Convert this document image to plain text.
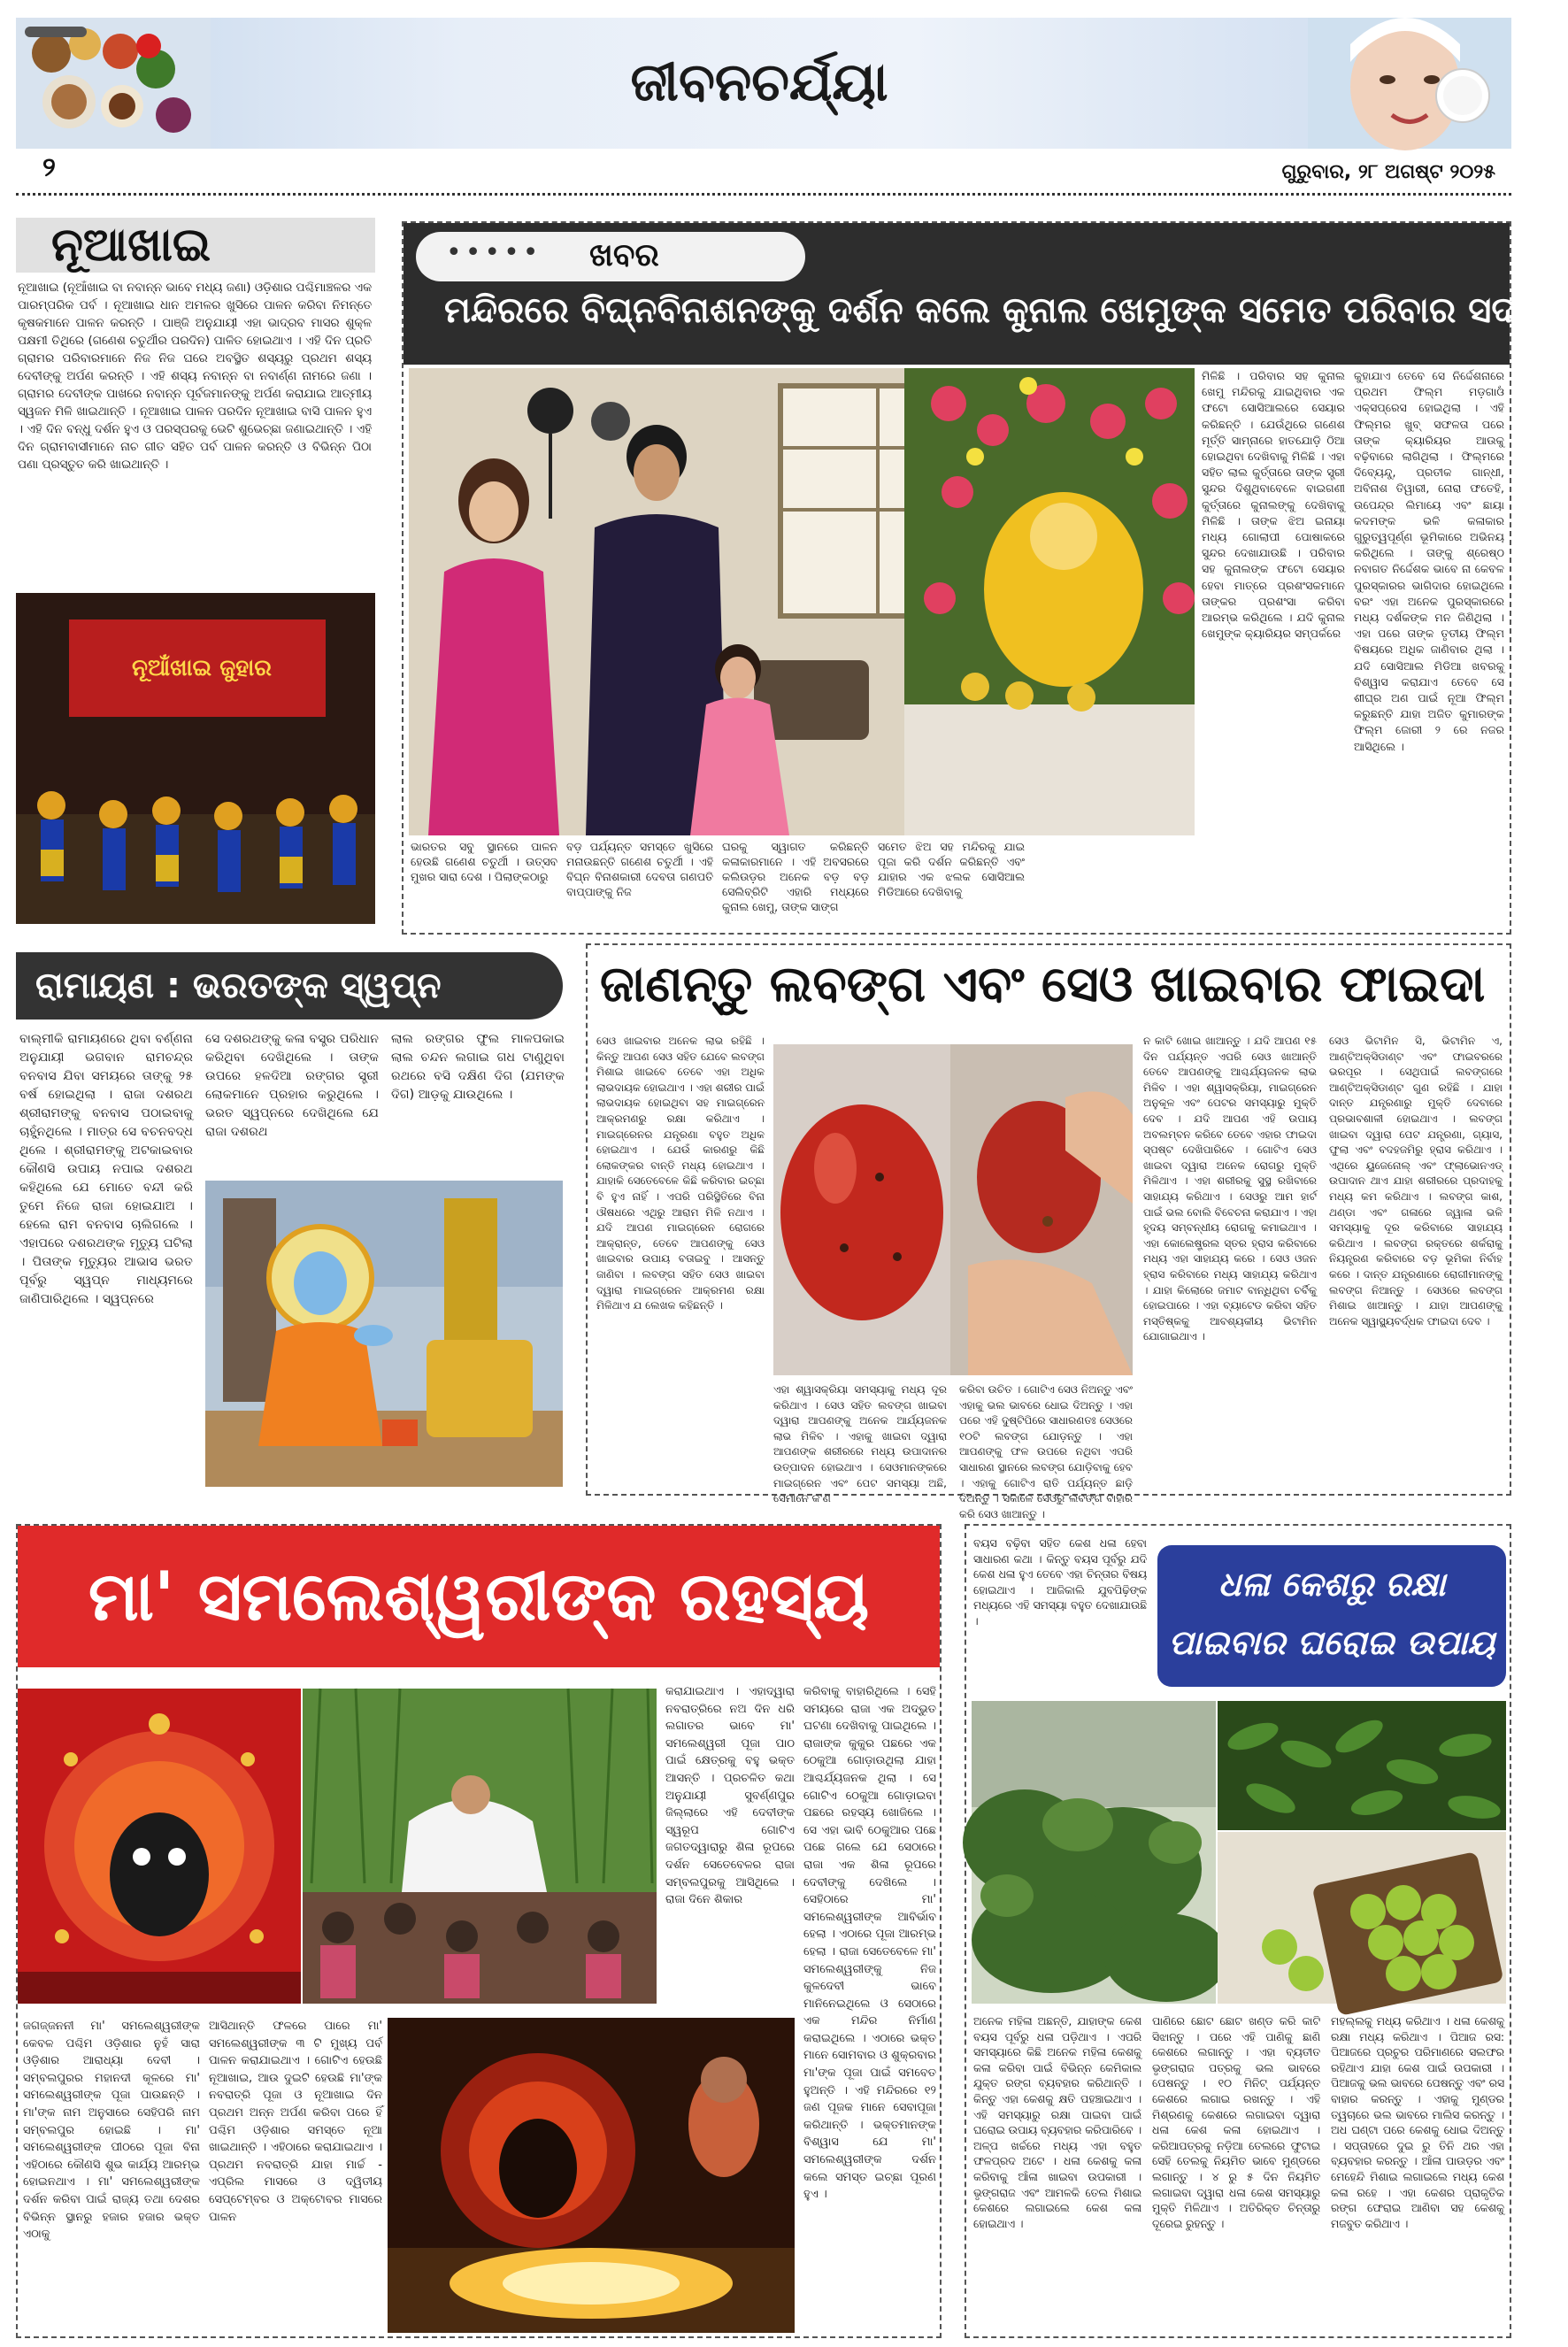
ଜୀବନଚର୍ଯ୍ୟା
୨	ଗୁରୁବାର, ୨୮ ଅଗଷ୍ଟ ୨୦୨୫
ନୂଆଖାଇ
ନୂଆଖାଇ (ନୂଆଁଖାଇ ବା ନବାନ୍ନ ଭାବେ ମଧ୍ୟ ଜଣା) ଓଡ଼ିଶାର ପଶ୍ଚିମାଞ୍ଚଳର ଏକ ପାରମ୍ପରିକ ପର୍ବ । ନୂଆଖାଇ ଧାନ ଅମଳର ଖୁସିରେ ପାଳନ କରିବା ନିମନ୍ତେ କୃଷକମାନେ ପାଳନ କରନ୍ତି । ପାଞ୍ଜି ଅନୁଯାୟୀ ଏହା ଭାଦ୍ରବ ମାସର ଶୁକ୍ଳ ପକ୍ଷମୀ ତିଥିରେ (ଗଣେଶ ଚତୁର୍ଥୀର ପରଦିନ) ପାଳିତ ହୋଇଥାଏ । ଏହି ଦିନ ପ୍ରତି ଗ୍ରାମର ପରିବାରମାନେ ନିଜ ନିଜ ଘରେ ଅବସ୍ଥିତ ଶସ୍ୟରୁ ପ୍ରଥମ ଶସ୍ୟ ଦେବୀଙ୍କୁ ଅର୍ପଣ କରନ୍ତି । ଏହି ଶସ୍ୟ ନବାନ୍ନ ବା ନବାର୍ଣ୍ଣ ନାମରେ ଜଣା । ଗ୍ରାମର ଦେବୀଙ୍କ ପାଖରେ ନବାନ୍ନ ପୂର୍ବଜମାନଙ୍କୁ ଅର୍ପଣ କରାଯାଇ ଆତ୍ମୀୟ ସ୍ୱଜନ ମିଳି ଖାଇଥାନ୍ତି । ନୂଆଖାଇ ପାଳନ ପରଦିନ ନୂଆଖାଇ ବାସି ପାଳନ ହୁଏ । ଏହି ଦିନ ବନ୍ଧୁ ଦର୍ଶନ ହୁଏ ଓ ପରସ୍ପରକୁ ଭେଟି ଶୁଭେଚ୍ଛା ଜଣାଇଥାନ୍ତି । ଏହି ଦିନ ଗ୍ରାମବାସୀମାନେ ନାଚ ଗୀତ ସହିତ ପର୍ବ ପାଳନ କରନ୍ତି ଓ ବିଭିନ୍ନ ପିଠା ପଣା ପ୍ରସ୍ତୁତ କରି ଖାଇଥାନ୍ତି ।
ନୂଆଁଖାଇ ଜୁହାର
••••• ଖବର
ମନ୍ଦିରରେ ବିଘ୍ନବିନାଶନଙ୍କୁ ଦର୍ଶନ କଲେ କୁନାଲ ଖେମୁଙ୍କ ସମେତ ପରିବାର ସଦସ୍ୟ
ଭାରତର ସବୁ ସ୍ଥାନରେ ପାଳନ ହେଉଛି ଗଣେଶ ଚତୁର୍ଥୀ । ଉତ୍ସବ ମୁଖର ସାରା ଦେଶ । ପିଲାଙ୍କଠାରୁ
ବଡ଼ ପର୍ଯ୍ୟନ୍ତ ସମସ୍ତେ ଖୁସିରେ ମନାଉଛନ୍ତି ଗଣେଶ ଚତୁର୍ଥୀ । ଏହି ବିଘ୍ନ ବିନାଶକାରୀ ଦେବତା ଗଣପତି ବାପ୍ପାଙ୍କୁ ନିଜ
ଘରକୁ ସ୍ୱାଗତ କରିଛନ୍ତି କଳାକାରମାନେ । ଏହି ଅବସରରେ କଲିଉଡ଼ର ଅନେକ ବଡ଼ ବଡ଼ ସେଲିବ୍ରିଟି ଏହାରି ମଧ୍ୟରେ କୁନାଲ ଖେମୁ, ତାଙ୍କ ସାଙ୍ଗ
ସମେତ ଝିଅ ସହ ମନ୍ଦିରକୁ ଯାଇ ପୂଜା କରି ଦର୍ଶନ କରିଛନ୍ତି ଏବଂ ଯାହାର ଏକ ଝଲକ ସୋସିଆଲ ମିଡିଆରେ ଦେଖିବାକୁ
ମିଳିଛି । ପରିବାର ସହ କୁନାଲ ଖେମୁ ମନ୍ଦିରକୁ ଯାଇଥିବାର ଏକ ଫଟୋ ସୋସିଆଲରେ ସେୟାର କରିଛନ୍ତି । ଯେଉଁଥିରେ ଗଣେଶ ମୂର୍ତ୍ତି ସାମ୍ନାରେ ହାତଯୋଡ଼ି ଠିଆ ହୋଇଥିବା ଦେଖିବାକୁ ମିଳିଛି । ଏହା ସହିତ ଲାଲ କୁର୍ତ୍ତାରେ ତାଙ୍କ ସ୍ତ୍ରୀ ସୁନ୍ଦର ଦିଶୁଥିବାବେଳେ ବାଇଗଣୀ କୁର୍ତ୍ତାରେ କୁନାଲଙ୍କୁ ଦେଖିବାକୁ ମିଳିଛି । ତାଙ୍କ ଝିଅ ଇନାୟା ମଧ୍ୟ ଗୋଲାପୀ ପୋଷାକରେ ସୁନ୍ଦର ଦେଖାଯାଉଛି । ପରିବାର ସହ କୁନାଲଙ୍କ ଫଟୋ ସେୟାର ହେବା ମାତ୍ରେ ପ୍ରଶଂସକମାନେ ତାଙ୍କର ପ୍ରଶଂସା କରିବା ଆରମ୍ଭ କରିଥିଲେ । ଯଦି କୁନାଲ ଖେମୁଙ୍କ କ୍ୟାରିୟର ସମ୍ପର୍କରେ
କୁହାଯାଏ ତେବେ ସେ ନିର୍ଦ୍ଦେଶନାରେ ପ୍ରଥମ ଫିଲ୍ମ ମଡ଼ଗାଓଁ ଏକ୍ସପ୍ରେସ ହୋଇଥିଲା । ଏହି ଫିଲ୍ମର ଖୁବ୍ ସଫଳତା ପରେ ତାଙ୍କ କ୍ୟାରିୟର ଆଉକୁ ବଢ଼ିବାରେ ଲାଗିଥିଲା । ଫିଲ୍ମରେ ଦିବ୍ୟେନ୍ଦୁ, ପ୍ରତୀକ ଗାନ୍ଧୀ, ଅବିନାଶ ତିୱାରୀ, ନୋରା ଫତେହି, ଉପେନ୍ଦ୍ର ଲିମାୟେ ଏବଂ ଛାୟା କଦମଙ୍କ ଭଳି କଳାକାର ଗୁରୁତ୍ୱପୂର୍ଣ୍ଣ ଭୂମିକାରେ ଅଭିନୟ କରିଥିଲେ । ତାଙ୍କୁ ଶ୍ରେଷ୍ଠ ନବାଗତ ନିର୍ଦ୍ଦେଶକ ଭାବେ ନା କେବଳ ପୁରସ୍କାରର ଭାଗିଦାର ହୋଇଥିଲେ ବରଂ ଏହା ଅନେକ ପୁରସ୍କାରରେ ମଧ୍ୟ ଦର୍ଶକଙ୍କ ମନ ଜିଣିଥିଲା । ଏହା ପରେ ତାଙ୍କ ତୃତୀୟ ଫିଲ୍ମ ବିଷୟରେ ଅଧିକ ଜାଣିବାର ଥିଲା । ଯଦି ସୋସିଆଲ ମିଡିଆ ଖବରକୁ ବିଶ୍ୱାସ କରାଯାଏ ତେବେ ସେ ଶୀଘ୍ର ଅଣ ପାଇଁ ନୂଆ ଫିଲ୍ମ କରୁଛନ୍ତି ଯାହା ଅଜିତ କୁମାରଙ୍କ ଫିଲ୍ମ ଜୋରୀ ୨ ରେ ନଜର ଆସିଥିଲେ ।
ରାମାୟଣ : ଭରତଙ୍କ ସ୍ୱପ୍ନ
ବାଲ୍ମୀକି ରାମାୟଣରେ ଥିବା ବର୍ଣ୍ଣନା ଅନୁଯାୟୀ ଭଗବାନ ରାମଚନ୍ଦ୍ର ବନବାସ ଯିବା ସମୟରେ ତାଙ୍କୁ ୨୫ ବର୍ଷ ହୋଇଥିଲା । ରାଜା ଦଶରଥ ଶ୍ରୀରାମଙ୍କୁ ବନବାସ ପଠାଇବାକୁ ଚାହୁଁନଥିଲେ । ମାତ୍ର ସେ ବଚନବଦ୍ଧ ଥିଲେ । ଶ୍ରୀରାମଙ୍କୁ ଅଟକାଇବାର କୌଣସି ଉପାୟ ନପାଇ ଦଶରଥ କହିଥିଲେ ଯେ ମୋତେ ବନ୍ଦୀ କରି ତୁମେ ନିଜେ ରାଜା ହୋଇଯାଅ । ହେଲେ ରାମ ବନବାସ ଚାଲିଗଲେ । ଏହାପରେ ଦଶରଥଙ୍କ ମୃତ୍ୟୁ ଘଟିଲା । ପିତାଙ୍କ ମୃତ୍ୟୁର ଆଭାସ ଭରତ ପୂର୍ବରୁ ସ୍ୱପ୍ନ ମାଧ୍ୟମରେ ଜାଣିପାରିଥିଲେ । ସ୍ୱପ୍ନରେ
ସେ ଦଶରଥଙ୍କୁ କଳା ବସ୍ତ୍ର ପରିଧାନ କରିଥିବା ଦେଖିଥିଲେ । ତାଙ୍କ ଉପରେ ହଳଦିଆ ରଙ୍ଗର ସ୍ତ୍ରୀ ଲୋକମାନେ ପ୍ରହାର କରୁଥିଲେ । ଭରତ ସ୍ୱପ୍ନରେ ଦେଖିଥିଲେ ଯେ ରାଜା ଦଶରଥ
ଲାଲ ରଙ୍ଗର ଫୁଲ ମାଳପକାଇ ଲାଲ ଚନ୍ଦନ ଲଗାଇ ଗଧ ଟାଣୁଥିବା ରଥରେ ବସି ଦକ୍ଷିଣ ଦିଗ (ଯମଙ୍କ ଦିଗ) ଆଡ଼କୁ ଯାଉଥିଲେ ।
ଜାଣନ୍ତୁ ଲବଙ୍ଗ ଏବଂ ସେଓ ଖାଇବାର ଫାଇଦା
ସେଓ ଖାଇବାର ଅନେକ ଲାଭ ରହିଛି । କିନ୍ତୁ ଆପଣ ସେଓ ସହିତ ଯେବେ ଲବଙ୍ଗ ମିଶାଇ ଖାଇବେ ତେବେ ଏହା ଅଧିକ ଲାଭଦାୟକ ହୋଇଥାଏ । ଏହା ଶରୀର ପାଇଁ ଲାଭଦାୟକ ହୋଇଥିବା ସହ ମାଇଗ୍ରେନ ଆକ୍ରମଣରୁ ରକ୍ଷା କରିଥାଏ । ମାଇଗ୍ରେନର ଯନ୍ତ୍ରଣା ବହୁତ ଅଧିକ ହୋଇଥାଏ । ଯେଉଁ କାରଣରୁ କିଛି ଲୋକଙ୍କର ବାନ୍ତି ମଧ୍ୟ ହୋଇଥାଏ । ଯାହାକି ସେତେବେଳେ କିଛି କରିବାର ଇଚ୍ଛା ବି ହୁଏ ନାହିଁ । ଏପରି ପରିସ୍ଥିତିରେ ବିନା ଔଷଧରେ ଏଥିରୁ ଆରାମ ମିଳି ନଥାଏ । ଯଦି ଆପଣ ମାଇଗ୍ରେନ ରୋଗରେ ଆକ୍ରାନ୍ତ, ତେବେ ଆପଣଙ୍କୁ ସେଓ ଖାଇବାର ଉପାୟ ବତାଇବୁ । ଆସନ୍ତୁ ଜାଣିବା । ଲବଙ୍ଗ ସହିତ ସେଓ ଖାଇବା ଦ୍ୱାରା ମାଇଗ୍ରେନ ଆକ୍ରମଣ ରକ୍ଷା ମିଳିଥାଏ ଯ ଲେଖକ କହିଛନ୍ତି ।
ଏହା ଶ୍ୱାସକ୍ରିୟା ସମସ୍ୟାକୁ ମଧ୍ୟ ଦୂର କରିଥାଏ । ସେଓ ସହିତ ଲବଙ୍ଗ ଖାଇବା ଦ୍ୱାରା ଆପଣଙ୍କୁ ଅନେକ ଆର୍ଯ୍ୟଜନକ ଲାଭ ମିଳିବ । ଏହାକୁ ଖାଇବା ଦ୍ୱାରା ଆପଣଙ୍କ ଶରୀରରେ ମଧ୍ୟ ଉପାଦାନର ଉତ୍ପାଦନ ହୋଇଥାଏ । ସେଓମାନଙ୍କରେ ମାଇଗ୍ରେନ ଏବଂ ପେଟ ସମସ୍ୟା ଅଛି, ସେମାନେ କ'ଣ
କରିବା ଉଚିତ । ଗୋଟିଏ ସେଓ ନିଅନ୍ତୁ ଏବଂ ଏହାକୁ ଭଲ ଭାବରେ ଧୋଇ ଦିଅନ୍ତୁ । ଏହା ପରେ ଏହି ଦୁଷ୍ଟିପିରେ ସାଧାରଣତଃ ସେଓରେ ୧୦ଟି ଲବଙ୍ଗ ଯୋଡ଼ନ୍ତୁ । ଏହା ଆପଣଙ୍କୁ ଫଳ ଉପରେ ନଥିବା ଏପରି ସାଧାରଣ ସ୍ଥାନରେ ଲବଙ୍ଗ ଯୋଡ଼ିବାକୁ ହେବ । ଏହାକୁ ଗୋଟିଏ ରାତି ପର୍ଯ୍ୟନ୍ତ ଛାଡ଼ି ଦିଅନ୍ତୁ । ସକାଳେ ସେଓରୁ ଲବଙ୍ଗ ବାହାର କରି ସେଓ ଖାଆନ୍ତୁ ।
ନ କାଟି ଖୋଇ ଖାଆନ୍ତୁ । ଯଦି ଆପଣ ୧୫ ଦିନ ପର୍ଯ୍ୟନ୍ତ ଏପରି ସେଓ ଖାଆନ୍ତି ତେବେ ଆପଣଙ୍କୁ ଆଶ୍ଚର୍ଯ୍ୟଜନକ ଲାଭ ମିଳିବ । ଏହା ଶ୍ୱାସକ୍ରିୟା, ମାଇଗ୍ରେନ ଅନୁକୂଳ ଏବଂ ପେଟର ସମସ୍ୟାରୁ ମୁକ୍ତି ଦେବ । ଯଦି ଆପଣ ଏହି ଉପାୟ ଅବଲମ୍ବନ କରିବେ ତେବେ ଏହାର ଫାଇଦା ସ୍ପଷ୍ଟ ଦେଖିପାରିବେ । ଗୋଟିଏ ସେଓ ଖାଇବା ଦ୍ୱାରା ଅନେକ ରୋଗରୁ ମୁକ୍ତି ମିଳିଥାଏ । ଏହା ଶରୀରକୁ ସୁସ୍ଥ ରଖିବାରେ ସାହାଯ୍ୟ କରିଥାଏ । ସେଓରୁ ଆମ ହାର୍ଟ ପାଇଁ ଭଲ ବୋଲି ବିବେଚନା କରାଯାଏ । ଏହା ହୃଦୟ ସମ୍ବନ୍ଧୀୟ ରୋଗକୁ କମାଇଥାଏ । ଏହା କୋଲେଷ୍ଟ୍ରଲ ସ୍ତର ହ୍ରାସ କରିବାରେ ମଧ୍ୟ ଏହା ସାହାଯ୍ୟ କରେ । ସେଓ ଓଜନ ହ୍ରାସ କରିବାରେ ମଧ୍ୟ ସାହାଯ୍ୟ କରିଥାଏ । ଯାହା କିଲୋରେ ଜମାଟ ବାନ୍ଧିଥିବା ଚର୍ବିକୁ ହୋଇପାରେ । ଏହା ବ୍ୟାଟେଡ କରିବା ସହିତ ମସ୍ତିଷ୍କକୁ ଆବଶ୍ୟକୀୟ ଭିଟାମିନ ଯୋଗାଇଥାଏ ।
ସେଓ ଭିଟାମିନ ସି, ଭିଟାମିନ ଏ, ଆଣ୍ଟିଅକ୍ସିଡାଣ୍ଟ ଏବଂ ଫାଇବରରେ ଭରପୂର । ସେଥିପାଇଁ ଲବଙ୍ଗରେ ଆଣ୍ଟିଅକ୍ସିଡାଣ୍ଟ ଗୁଣ ରହିଛି । ଯାହା ଦାନ୍ତ ଯନ୍ତ୍ରଣାରୁ ମୁକ୍ତି ଦେବାରେ ପ୍ରଭାବଶାଳୀ ହୋଇଥାଏ । ଲବଙ୍ଗ ଖାଇବା ଦ୍ୱାରା ପେଟ ଯନ୍ତ୍ରଣା, ଗ୍ୟାସ, ଫୁଲା ଏବଂ ବଦହଜମିରୁ ହ୍ରାସ କରିଥାଏ । ଏଥିରେ ୟୁଜେନୋଲ୍ ଏବଂ ଫ୍ଲାଭୋନଏଡ୍ ଉପାଦାନ ଥାଏ ଯାହା ଶରୀରରେ ପ୍ରଦାହକୁ ମଧ୍ୟ କମ କରିଥାଏ । ଲବଙ୍ଗ କାଶ, ଥଣ୍ଡା ଏବଂ ଗଳାରେ ଜ୍ୱାଳା ଭଳି ସମସ୍ୟାକୁ ଦୂର କରିବାରେ ସାହାଯ୍ୟ କରିଥାଏ । ଲବଙ୍ଗ ରକ୍ତରେ ଶର୍କରାକୁ ନିୟନ୍ତ୍ରଣ କରିବାରେ ବଡ଼ ଭୂମିକା ନିର୍ବାହ କରେ । ଦାନ୍ତ ଯନ୍ତ୍ରଣାରେ ରୋଗୀମାନଙ୍କୁ ଲବଙ୍ଗ ନିଆନ୍ତୁ । ସେଓରେ ଲବଙ୍ଗ ମିଶାଇ ଖାଆନ୍ତୁ । ଯାହା ଆପଣଙ୍କୁ ଅନେକ ସ୍ୱାସ୍ଥ୍ୟବର୍ଦ୍ଧକ ଫାଇଦା ଦେବ ।
ମା' ସମଲେଶ୍ୱରୀଙ୍କ ରହସ୍ୟ
କରାଯାଇଥାଏ । ଏହାଦ୍ୱାରା ନବରାତ୍ରିରେ ନଅ ଦିନ ଧରି ଲଗାତର ଭାବେ ମା' ସମଲେଶ୍ୱରୀ ପୂଜା ପାଠ ପାଇଁ କ୍ଷେତ୍ରକୁ ବହୁ ଭକ୍ତ ଆସନ୍ତି । ପ୍ରଚଳିତ କଥା ଅନୁଯାୟୀ ସୁବର୍ଣ୍ଣପୁର ଜିଲ୍ଲାରେ ଏହି ଦେବୀଙ୍କ ସ୍ୱରୂପ ଗୋଟିଏ ଜଗତଦ୍ୱାରାରୁ ଶିଳା ରୂପରେ ଦର୍ଶନ ସେତେବେଳର ରାଜା ସମ୍ବଲପୁରକୁ ଆସିଥିଲେ । ରାଜା ଦିନେ ଶିକାର
କରିବାକୁ ବାହାରିଥିଲେ । ସେହି ସମୟରେ ରାଜା ଏକ ଅଦ୍ଭୁତ ଘଟଣା ଦେଖିବାକୁ ପାଇଥିଲେ । ରାଜାଙ୍କ କୁକୁର ପଛରେ ଏକ ଠେକୁଆ ଗୋଡ଼ାଉଥିଲା ଯାହା ଆଶ୍ଚର୍ଯ୍ୟଜନକ ଥିଲା । ସେ ଗୋଟିଏ ଠେକୁଆ ଗୋଡ଼ାଇବା ପଛରେ ରହସ୍ୟ ଖୋଜିଲେ । ସେ ଏହା ଭାବି ଠେକୁଆର ପଛେ ପଛେ ଗଲେ ଯେ ସେଠାରେ ରାଜା ଏକ ଶିଳା ରୂପରେ ଦେବୀଙ୍କୁ ଦେଖିଲେ । ସେହିଠାରେ ମା' ସମଲେଶ୍ୱରୀଙ୍କ ଆବିର୍ଭାବ ହେଲା । ଏଠାରେ ପୂଜା ଆରମ୍ଭ ହେଲା । ରାଜା ସେତେବେଳେ ମା' ସମଲେଶ୍ୱରୀଙ୍କୁ ନିଜ କୁଳଦେବୀ ଭାବେ ମାନିନେଇଥିଲେ ଓ ସେଠାରେ ଏକ ମନ୍ଦିର ନିର୍ମାଣ କରାଇଥିଲେ । ଏଠାରେ ଭକ୍ତ ମାନେ ସୋମବାର ଓ ଶୁକ୍ରବାର ମା'ଙ୍କ ପୂଜା ପାଇଁ ସମବେତ ହୁଅନ୍ତି । ଏହି ମନ୍ଦିରରେ ୧୨ ଜଣ ପୂଜକ ମାନେ ସେବାପୂଜା କରିଥାନ୍ତି । ଭକ୍ତମାନଙ୍କ ବିଶ୍ୱାସ ଯେ ମା' ସମଲେଶ୍ୱରୀଙ୍କ ଦର୍ଶନ କଲେ ସମସ୍ତ ଇଚ୍ଛା ପୂରଣ ହୁଏ ।
ଜଗଜ୍ଜନନୀ ମା' ସମଲେଶ୍ୱରୀଙ୍କ କେବଳ ପଶ୍ଚିମ ଓଡ଼ିଶାର ନୁହଁ ସାରା ଓଡ଼ିଶାର ଆରାଧ୍ୟା ଦେବୀ । ସମ୍ବଲପୁରର ମହାନଦୀ କୂଳରେ ମା' ସମଲେଶ୍ୱରୀଙ୍କ ପୂଜା ପାଉଛନ୍ତି । ମା'ଙ୍କ ନାମ ଅନୁସାରେ ସେହିପରି ନାମ ସମ୍ବଲପୁର ହୋଇଛି । ମା' ସମଲେଶ୍ୱରୀଙ୍କ ପୀଠରେ ପୂଜା ବିନା ଏହିଠାରେ କୌଣସି ଶୁଭ କାର୍ଯ୍ୟ ଆରମ୍ଭ ହୋଇନଥାଏ । ମା' ସମଲେଶ୍ୱରୀଙ୍କ ଦର୍ଶନ କରିବା ପାଇଁ ରାଜ୍ୟ ତଥା ଦେଶର ବିଭିନ୍ନ ସ୍ଥାନରୁ ହଜାର ହଜାର ଭକ୍ତ ଏଠାକୁ
ଆସିଥାନ୍ତି ଫଳରେ ପାରେ ମା' ସମଲେଶ୍ୱରୀଙ୍କ ୩ ଟି ମୁଖ୍ୟ ପର୍ବ ପାଳନ କରାଯାଇଥାଏ । ଗୋଟିଏ ହେଉଛି ନୂଆଖାଇ, ଆଉ ଦୁଇଟି ହେଉଛି ମା'ଙ୍କ ନବରାତ୍ରି ପୂଜା ଓ ନୂଆଖାଇ ଦିନ ପ୍ରଥମ ଅନ୍ନ ଅର୍ପଣ କରିବା ପରେ ହିଁ ପଶ୍ଚିମ ଓଡ଼ିଶାର ସମସ୍ତେ ନୂଆ ଖାଇଥାନ୍ତି । ଏହିଠାରେ କରାଯାଇଥାଏ । ପ୍ରଥମ ନବରାତ୍ରି ଯାହା ମାର୍ଚ୍ଚ - ଏପ୍ରିଲ ମାସରେ ଓ ଦ୍ୱିତୀୟ ସେପ୍ଟେମ୍ବର ଓ ଅକ୍ଟୋବର ମାସରେ ପାଳନ
ବୟସ ବଢ଼ିବା ସହିତ କେଶ ଧଳା ହେବା ସାଧାରଣ କଥା । କିନ୍ତୁ ବୟସ ପୂର୍ବରୁ ଯଦି କେଶ ଧଳା ହୁଏ ତେବେ ଏହା ଚିନ୍ତାର ବିଷୟ ହୋଇଥାଏ । ଆଜିକାଲି ଯୁବପିଢ଼ିଙ୍କ ମଧ୍ୟରେ ଏହି ସମସ୍ୟା ବହୁତ ଦେଖାଯାଉଛି ।
ଧଳା କେଶରୁ ରକ୍ଷା
ପାଇବାର ଘରୋଇ ଉପାୟ
ଅନେକ ମହିଳା ଅଛନ୍ତି, ଯାହାଙ୍କ କେଶ ବୟସ ପୂର୍ବରୁ ଧଳା ପଡ଼ିଥାଏ । ଏପରି ସମସ୍ୟାରେ କିଛି ଅନେକ ମହିଳା କେଶକୁ କଳା କରିବା ପାଇଁ ବିଭିନ୍ନ କେମିକାଲ ଯୁକ୍ତ ରଙ୍ଗ ବ୍ୟବହାର କରିଥାନ୍ତି । କିନ୍ତୁ ଏହା କେଶକୁ କ୍ଷତି ପହଞ୍ଚାଇଥାଏ । ଏହି ସମସ୍ୟାରୁ ରକ୍ଷା ପାଇବା ପାଇଁ ଘରୋଇ ଉପାୟ ବ୍ୟବହାର କରିପାରିବେ । ଅଳ୍ପ ଖର୍ଚ୍ଚରେ ମଧ୍ୟ ଏହା ବହୁତ ଫଳପ୍ରଦ ଅଟେ । ଧଳା କେଶକୁ କଳା କରିବାକୁ ଆଁଳା ଖାଇବା ଉପକାରୀ । ଭୃଙ୍ଗରାଜ ଏବଂ ଆମଳକି ତେଲ ମିଶାଇ କେଶରେ ଲଗାଇଲେ କେଶ କଳା ହୋଇଥାଏ ।
ପାଣିରେ ଛୋଟ ଛୋଟ ଖଣ୍ଡ କରି କାଟି ସିଝାନ୍ତୁ । ପରେ ଏହି ପାଣିକୁ ଛାଣି କେଶରେ ଲଗାନ୍ତୁ । ଏହା ବ୍ୟତୀତ ଭୃଙ୍ଗରାଜ ପତ୍ରକୁ ଭଲ ଭାବରେ ପେଷନ୍ତୁ । ୧୦ ମିନିଟ୍ ପର୍ଯ୍ୟନ୍ତ କେଶରେ ଲଗାଇ ରଖନ୍ତୁ । ଏହି ମିଶ୍ରଣକୁ କେଶରେ ଲଗାଇବା ଦ୍ୱାରା ଧଳା କେଶ କଳା ହୋଇଥାଏ । କରିଆପତ୍ରକୁ ନଡ଼ିଆ ତେଲରେ ଫୁଟାଇ ସେହି ତେଲକୁ ନିୟମିତ ଭାବେ ମୁଣ୍ଡରେ ଲଗାନ୍ତୁ । ୪ ରୁ ୫ ଦିନ ନିୟମିତ ଲଗାଇବା ଦ୍ୱାରା ଧଳା କେଶ ସମସ୍ୟାରୁ ମୁକ୍ତି ମିଳିଥାଏ । ଅତିରିକ୍ତ ଚିନ୍ତାରୁ ଦୂରେଇ ରୁହନ୍ତୁ ।
ମହଲ୍ଲକୁ ମଧ୍ୟ କରିଥାଏ । ଧଳା କେଶକୁ ରକ୍ଷା ମଧ୍ୟ କରିଥାଏ । ପିଆଜ ରସ: ପିଆଜରେ ପ୍ରଚୁର ପରିମାଣରେ ସଲଫର ରହିଥାଏ ଯାହା କେଶ ପାଇଁ ଉପକାରୀ । ପିଆଜକୁ ଭଲ ଭାବରେ ପେଷନ୍ତୁ ଏବଂ ରସ ବାହାର କରନ୍ତୁ । ଏହାକୁ ମୁଣ୍ଡର ତ୍ୱଚାରେ ଭଲ ଭାବରେ ମାଲିସ କରନ୍ତୁ । ଅଧ ଘଣ୍ଟା ପରେ କେଶକୁ ଧୋଇ ଦିଅନ୍ତୁ । ସପ୍ତାହରେ ଦୁଇ ରୁ ତିନି ଥର ଏହା ବ୍ୟବହାର କରନ୍ତୁ । ଆଁଳା ପାଉଡ଼ର ଏବଂ ମେହେନ୍ଦି ମିଶାଇ ଲଗାଇଲେ ମଧ୍ୟ କେଶ କଳା ରହେ । ଏହା କେଶର ପ୍ରାକୃତିକ ରଙ୍ଗ ଫେରାଇ ଆଣିବା ସହ କେଶକୁ ମଜବୁତ କରିଥାଏ ।
